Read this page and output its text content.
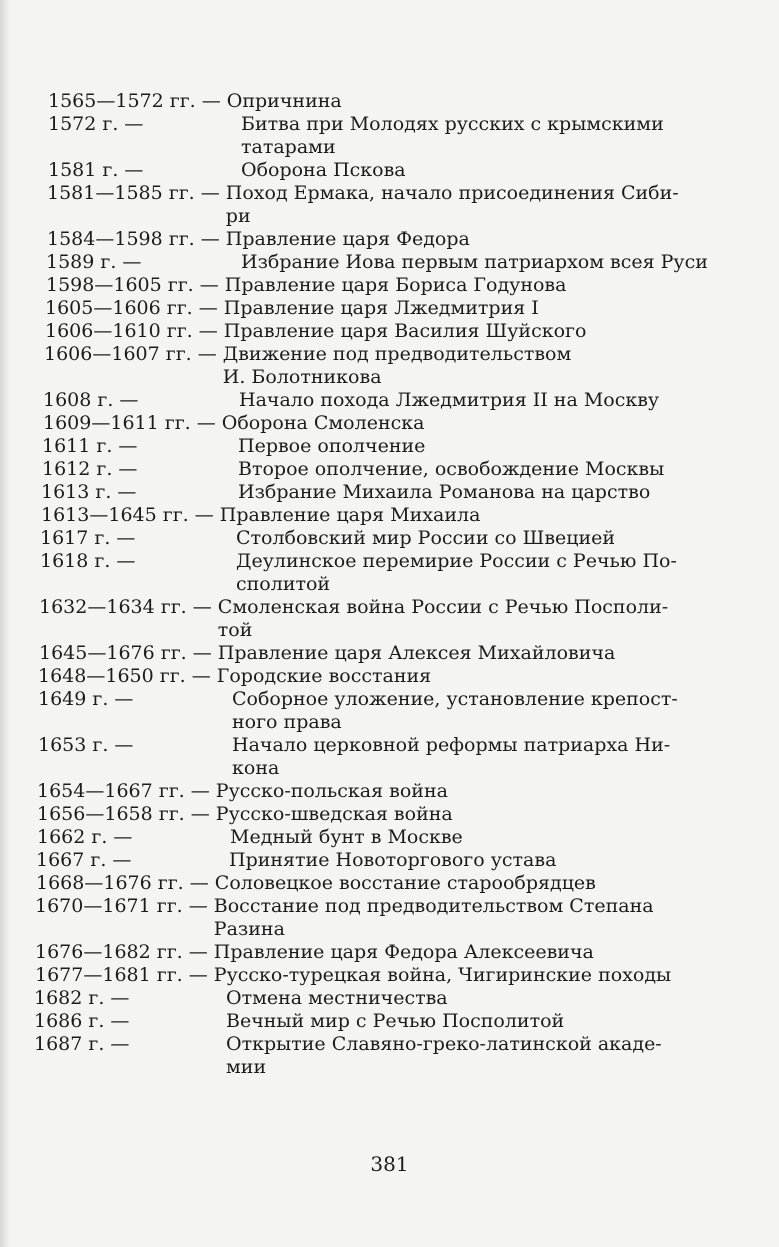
1565—1572 гг. — Опричнина
1572 г. —	Битва при Молодях русских с крымскими
татарами
1581 г. —	Оборона Пскова
1581—1585 гг. — Поход Ермака, начало присоединения Сиби-
ри
1584—1598 гг. — Правление царя Федора
1589 г. —	Избрание Иова первым патриархом всея Руси
1598—1605 гг. — Правление царя Бориса Годунова
1605—1606 гг. — Правление царя Лжедмитрия I
1606—1610 гг. — Правление царя Василия Шуйского
1606—1607 гг. — Движение под предводительством
И. Болотникова
1608 г. —	Начало похода Лжедмитрия II на Москву
1609—1611 гг. — Оборона Смоленска
1611 г. —	Первое ополчение
1612 г. —	Второе ополчение, освобождение Москвы
1613 г. —	Избрание Михаила Романова на царство
1613—1645 гг. — Правление царя Михаила
1617 г. —	Столбовский мир России со Швецией
1618 г. —	Деулинское перемирие России с Речью По-
сполитой
1632—1634 гг. — Смоленская война России с Речью Посполи-
той
1645—1676 гг. — Правление царя Алексея Михайловича
1648—1650 гг. — Городские восстания
1649 г. —	Соборное уложение, установление крепост-
ного права
1653 г. —	Начало церковной реформы патриарха Ни-
кона
1654—1667 гг. — Русско-польская война
1656—1658 гг. — Русско-шведская война
1662 г. —	Медный бунт в Москве
1667 г. —	Принятие Новоторгового устава
1668—1676 гг. — Соловецкое восстание старообрядцев
1670—1671 гг. — Восстание под предводительством Степана
Разина
1676—1682 гг. — Правление царя Федора Алексеевича
1677—1681 гг. — Русско-турецкая война, Чигиринские походы
1682 г. —	Отмена местничества
1686 г. —	Вечный мир с Речью Посполитой
1687 г. —	Открытие Славяно-греко-латинской акаде-
мии
381
